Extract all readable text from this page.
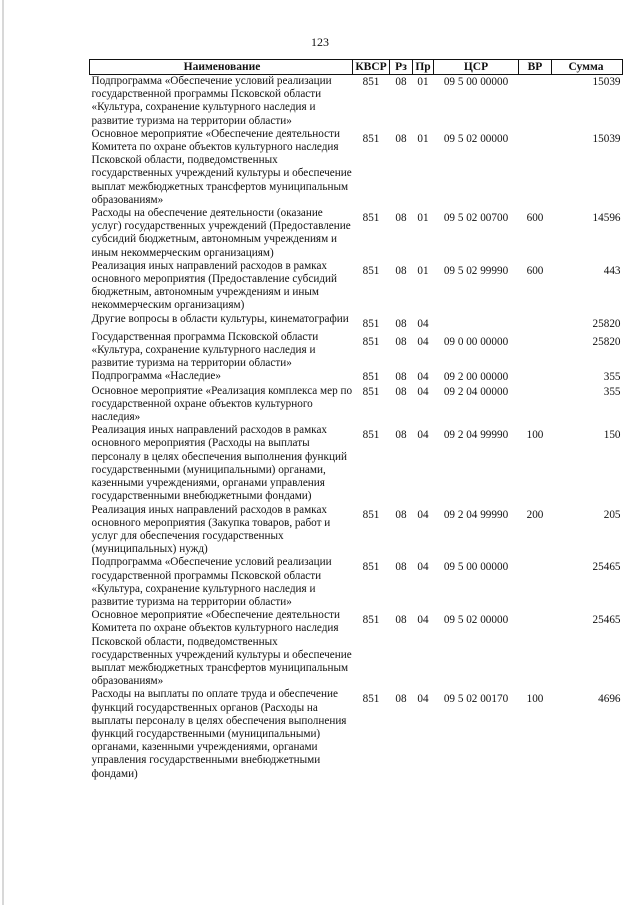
123
Наименование	КВСР	Рз	Пр	ЦСР	ВР	Сумма
Подпрограмма «Обеспечение условий реализации государственной программы Псковской области «Культура, сохранение культурного наследия и развитие туризма на территории области»	851	08	01	09 5 00 00000		15039
Основное мероприятие «Обеспечение деятельности Комитета по охране объектов культурного наследия Псковской области, подведомственных государственных учреждений культуры и обеспечение выплат межбюджетных трансфертов муниципальным образованиям»	851	08	01	09 5 02 00000		15039
Расходы на обеспечение деятельности (оказание услуг) государственных учреждений (Предоставление субсидий бюджетным, автономным учреждениям и иным некоммерческим организациям)	851	08	01	09 5 02 00700	600	14596
Реализация иных направлений расходов в рамках основного мероприятия (Предоставление субсидий бюджетным, автономным учреждениям и иным некоммерческим организациям)	851	08	01	09 5 02 99990	600	443
Другие вопросы в области культуры, кинематографии	851	08	04			25820
Государственная программа Псковской области «Культура, сохранение культурного наследия и развитие туризма на территории области»	851	08	04	09 0 00 00000		25820
Подпрограмма «Наследие»	851	08	04	09 2 00 00000		355
Основное мероприятие «Реализация комплекса мер по государственной охране объектов культурного наследия»	851	08	04	09 2 04 00000		355
Реализация иных направлений расходов в рамках основного мероприятия (Расходы на выплаты персоналу в целях обеспечения выполнения функций государственными (муниципальными) органами, казенными учреждениями, органами управления государственными внебюджетными фондами)	851	08	04	09 2 04 99990	100	150
Реализация иных направлений расходов в рамках основного мероприятия (Закупка товаров, работ и услуг для обеспечения государственных (муниципальных) нужд)	851	08	04	09 2 04 99990	200	205
Подпрограмма «Обеспечение условий реализации государственной программы Псковской области «Культура, сохранение культурного наследия и развитие туризма на территории области»	851	08	04	09 5 00 00000		25465
Основное мероприятие «Обеспечение деятельности Комитета по охране объектов культурного наследия Псковской области, подведомственных государственных учреждений культуры и обеспечение выплат межбюджетных трансфертов муниципальным образованиям»	851	08	04	09 5 02 00000		25465
Расходы на выплаты по оплате труда и обеспечение функций государственных органов (Расходы на выплаты персоналу в целях обеспечения выполнения функций государственными (муниципальными) органами, казенными учреждениями, органами управления государственными внебюджетными фондами)	851	08	04	09 5 02 00170	100	4696
